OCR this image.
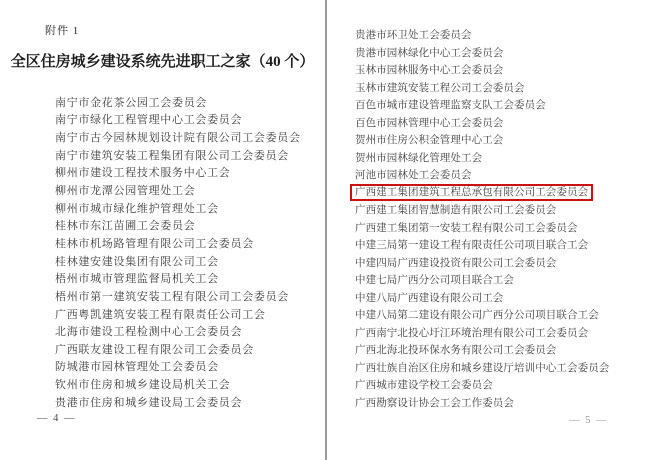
附件 1
全区住房城乡建设系统先进职工之家（40 个）
南宁市金花茶公园工会委员会
南宁市绿化工程管理中心工会委员会
南宁市古今园林规划设计院有限公司工会委员会
南宁市建筑安装工程集团有限公司工会委员会
柳州市建设工程技术服务中心工会
柳州市龙潭公园管理处工会
柳州市城市绿化维护管理处工会
桂林市东江苗圃工会委员会
桂林市机场路管理有限公司工会委员会
桂林建安建设集团有限公司工会
梧州市城市管理监督局机关工会
梧州市第一建筑安装工程有限公司工会委员会
广西粤凯建筑安装工程有限责任公司工会
北海市建设工程检测中心工会委员会
广西联友建设工程有限公司工会委员会
防城港市园林管理处工会委员会
钦州市住房和城乡建设局机关工会
贵港市住房和城乡建设局工会委员会
— 4 —
贵港市环卫处工会委员会
贵港市园林绿化中心工会委员会
玉林市园林服务中心工会委员会
玉林市建筑安装工程公司工会委员会
百色市城市建设管理监察支队工会委员会
百色市园林管理中心工会委员会
贺州市住房公积金管理中心工会
贺州市园林绿化管理处工会
河池市园林处工会委员会
广西建工集团建筑工程总承包有限公司工会委员会
广西建工集团智慧制造有限公司工会委员会
广西建工集团第一安装工程有限公司工会委员会
中建三局第一建设工程有限责任公司项目联合工会
中建四局广西建设投资有限公司工会委员会
中建七局广西分公司项目联合工会
中建八局广西建设有限公司工会
中建八局第二建设有限公司广西分公司项目联合工会
广西南宁北投心圩江环境治理有限公司工会委员会
广西北海北投环保水务有限公司工会委员会
广西壮族自治区住房和城乡建设厅培训中心工会委员会
广西城市建设学校工会委员会
广西勘察设计协会工会工作委员会
— 5 —
